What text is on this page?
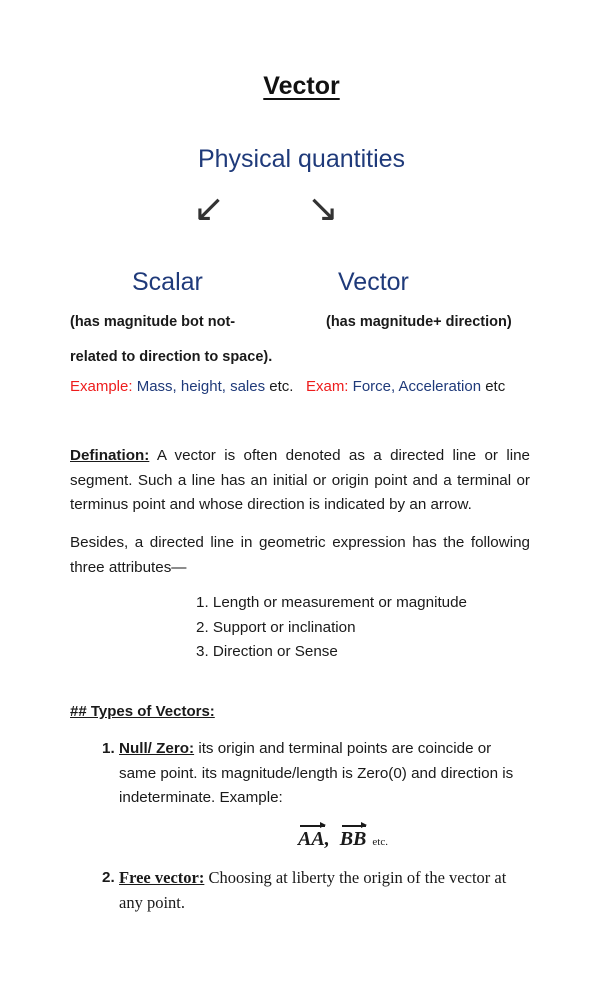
Vector
Physical quantities
↙ ↘
Scalar	Vector
(has magnitude bot not-	(has magnitude+ direction)
related to direction to space).
Example: Mass, height, sales etc. Exam: Force, Acceleration etc
Defination: A vector is often denoted as a directed line or line segment. Such a line has an initial or origin point and a terminal or terminus point and whose direction is indicated by an arrow.
Besides, a directed line in geometric expression has the following three attributes—
1. Length or measurement or magnitude
2. Support or inclination
3. Direction or Sense
## Types of Vectors:
1. Null/ Zero: its origin and terminal points are coincide or same point. its magnitude/length is Zero(0) and direction is indeterminate. Example:
AA,  BB etc.
2. Free vector: Choosing at liberty the origin of the vector at any point.
